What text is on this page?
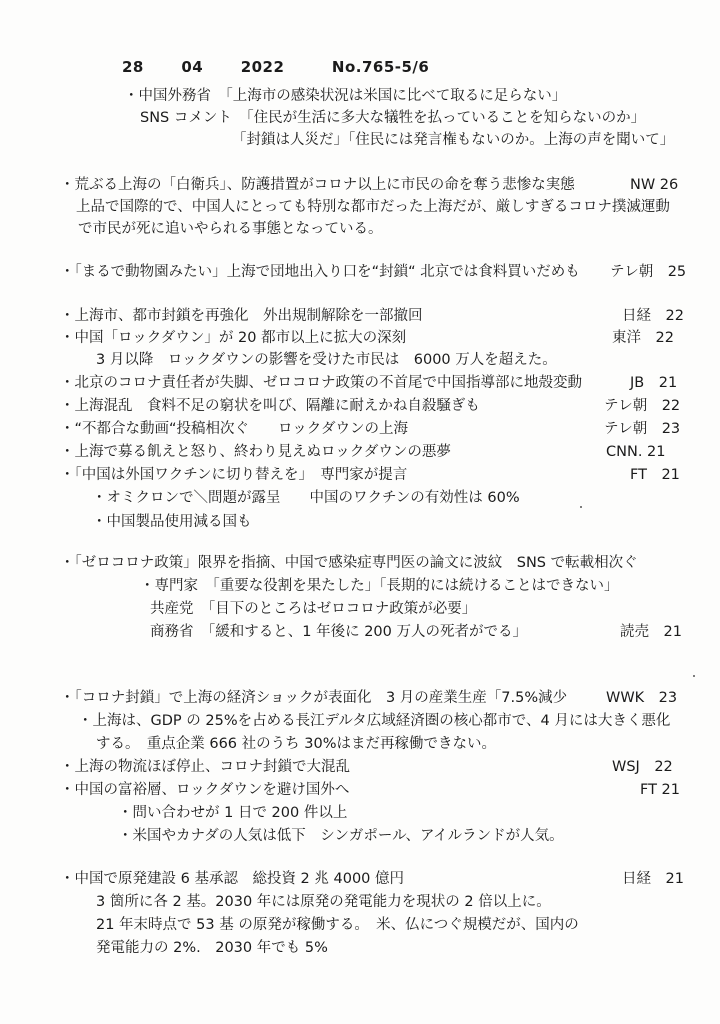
28 04 2022	No.765-5/6
・中国外務省　「上海市の感染状況は米国に比べて取るに足らない」
SNS コメント　「住民が生活に多大な犠牲を払っていることを知らないのか」
「封鎖は人災だ」「住民には発言権もないのか。上海の声を聞いて」
・荒ぶる上海の「白衛兵」、防護措置がコロナ以上に市民の命を奪う悲惨な実態	NW 26
上品で国際的で、中国人にとっても特別な都市だった上海だが、厳しすぎるコロナ撲滅運動
で市民が死に追いやられる事態となっている。
・「まるで動物園みたい」上海で団地出入り口を“封鎖“ 北京では食料買いだめも テレ朝　25
・上海市、都市封鎖を再強化　外出規制解除を一部撤回	日経　22
・中国「ロックダウン」が 20 都市以上に拡大の深刻	東洋　22
3 月以降　ロックダウンの影響を受けた市民は　6000 万人を超えた。
・北京のコロナ責任者が失脚、ゼロコロナ政策の不首尾で中国指導部に地殻変動	JB　21
・上海混乱　食料不足の窮状を叫び、隔離に耐えかね自殺騒ぎも	テレ朝　22
・“不都合な動画“投稿相次ぐ　　ロックダウンの上海	テレ朝　23
・上海で募る飢えと怒り、終わり見えぬロックダウンの悪夢	CNN. 21
・「中国は外国ワクチンに切り替えを」　専門家が提言	FT　21
・オミクロンで＼問題が露呈　　中国のワクチンの有効性は 60%
・中国製品使用減る国も
・「ゼロコロナ政策」限界を指摘、中国で感染症専門医の論文に波紋　SNS で転載相次ぐ
・専門家　「重要な役割を果たした」「長期的には続けることはできない」
共産党　「目下のところはゼロコロナ政策が必要」
商務省　「緩和すると、1 年後に 200 万人の死者がでる」	読売　21
・「コロナ封鎖」で上海の経済ショックが表面化　3 月の産業生産「7.5%減少	WWK　23
・上海は、GDP の 25%を占める長江デルタ広域経済圏の核心都市で、4 月には大きく悪化
する。　重点企業 666 社のうち 30%はまだ再稼働できない。
・上海の物流ほぼ停止、コロナ封鎖で大混乱	WSJ　22
・中国の富裕層、ロックダウンを避け国外へ	FT 21
・問い合わせが 1 日で 200 件以上
・米国やカナダの人気は低下　シンガポール、アイルランドが人気。
・中国で原発建設 6 基承認　総投資 2 兆 4000 億円	日経　21
3 箇所に各 2 基。2030 年には原発の発電能力を現状の 2 倍以上に。
21 年末時点で 53 基 の原発が稼働する。　米、仏につぐ規模だが、国内の
発電能力の 2%.　2030 年でも 5%
